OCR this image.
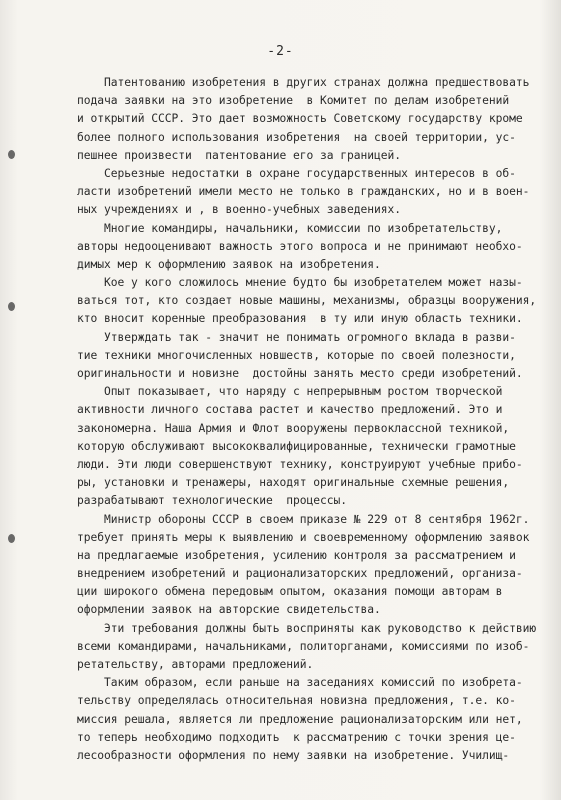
-2-
Патентованию изобретения в других странах должна предшествовать
подача заявки на это изобретение  в Комитет по делам изобретений
и открытий СССР. Это дает возможность Советскому государству кроме
более полного использования изобретения  на своей территории, ус-
пешнее произвести  патентование его за границей.
Серьезные недостатки в охране государственных интересов в об-
ласти изобретений имели место не только в гражданских, но и в воен-
ных учреждениях и , в военно-учебных заведениях.
Многие командиры, начальники, комиссии по изобретательству,
авторы недооценивают важность этого вопроса и не принимают необхо-
димых мер к оформлению заявок на изобретения.
Кое у кого сложилось мнение будто бы изобретателем может назы-
ваться тот, кто создает новые машины, механизмы, образцы вооружения,
кто вносит коренные преобразования  в ту или иную область техники.
Утверждать так - значит не понимать огромного вклада в разви-
тие техники многочисленных новшеств, которые по своей полезности,
оригинальности и новизне  достойны занять место среди изобретений.
Опыт показывает, что наряду с непрерывным ростом творческой
активности личного состава растет и качество предложений. Это и
закономерна. Наша Армия и Флот вооружены первоклассной техникой,
которую обслуживают высококвалифицированные, технически грамотные
люди. Эти люди совершенствуют технику, конструируют учебные прибо-
ры, установки и тренажеры, находят оригинальные схемные решения,
разрабатывают технологические  процессы.
Министр обороны СССР в своем приказе № 229 от 8 сентября 1962г.
требует принять меры к выявлению и своевременному оформлению заявок
на предлагаемые изобретения, усилению контроля за рассматрением и
внедрением изобретений и рационализаторских предложений, организа-
ции широкого обмена передовым опытом, оказания помощи авторам в
оформлении заявок на авторские свидетельства.
Эти требования должны быть восприняты как руководство к действию
всеми командирами, начальниками, политорганами, комиссиями по изоб-
ретательству, авторами предложений.
Таким образом, если раньше на заседаниях комиссий по изобрета-
тельству определялась относительная новизна предложения, т.е. ко-
миссия решала, является ли предложение рационализаторским или нет,
то теперь необходимо подходить  к рассматрению с точки зрения це-
лесообразности оформления по нему заявки на изобретение. Училищ-
